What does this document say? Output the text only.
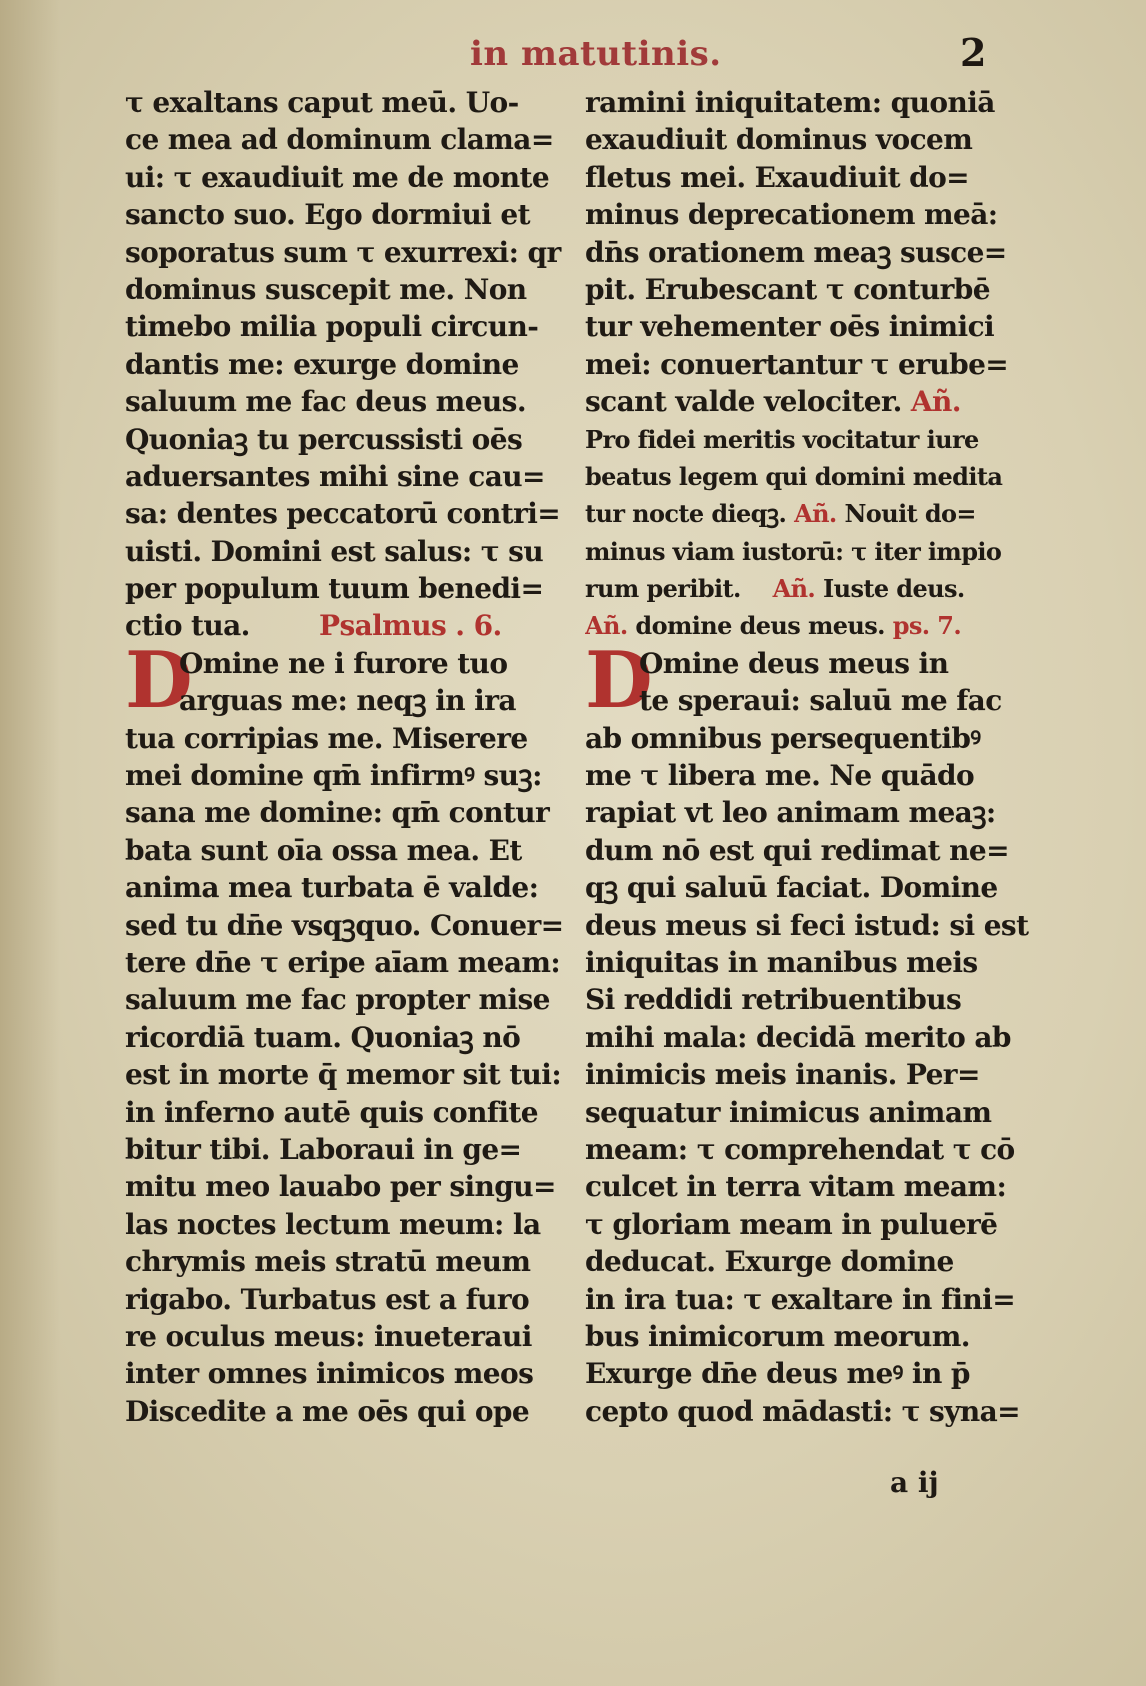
in matutinis.	2
τ exaltans caput meū. Uo-
ce mea ad dominum clama=
ui: τ exaudiuit me de monte
sancto suo. Ego dormiui et
soporatus sum τ exurrexi: qr
dominus suscepit me. Non
timebo milia populi circun-
dantis me: exurge domine
saluum me fac deus meus.
Quoniaꝫ tu percussisti oēs
aduersantes mihi sine cau=
sa: dentes peccatorū contri=
uisti. Domini est salus: τ su
per populum tuum benedi=
ctio tua. Psalmus . 6.
D
Omine ne i furore tuo
arguas me: neqꝫ in ira
tua corripias me. Miserere
mei domine qm̄ infirmꝰ suꝫ:
sana me domine: qm̄ contur
bata sunt oīa ossa mea. Et
anima mea turbata ē valde:
sed tu dn̄e vsqꝫquo. Conuer=
tere dn̄e τ eripe aīam meam:
saluum me fac propter mise
ricordiā tuam. Quoniaꝫ nō
est in morte q̄ memor sit tui:
in inferno autē quis confite
bitur tibi. Laboraui in ge=
mitu meo lauabo per singu=
las noctes lectum meum: la
chrymis meis stratū meum
rigabo. Turbatus est a furo
re oculus meus: inueteraui
inter omnes inimicos meos
Discedite a me oēs qui ope
ramini iniquitatem: quoniā
exaudiuit dominus vocem
fletus mei. Exaudiuit do=
minus deprecationem meā:
dn̄s orationem meaꝫ susce=
pit. Erubescant τ conturbē
tur vehementer oēs inimici
mei: conuertantur τ erube=
scant valde velociter. Añ.
Pro fidei meritis vocitatur iure
beatus legem qui domini medita
tur nocte dieqꝫ. Añ. Nouit do=
minus viam iustorū: τ iter impio
rum peribit. Añ. Iuste deus.
Añ. domine deus meus. ps. 7.
D
Omine deus meus in
te speraui: saluū me fac
ab omnibus persequentibꝰ
me τ libera me. Ne quādo
rapiat vt leo animam meaꝫ:
dum nō est qui redimat ne=
qꝫ qui saluū faciat. Domine
deus meus si feci istud: si est
iniquitas in manibus meis
Si reddidi retribuentibus
mihi mala: decidā merito ab
inimicis meis inanis. Per=
sequatur inimicus animam
meam: τ comprehendat τ cō
culcet in terra vitam meam:
τ gloriam meam in puluerē
deducat. Exurge domine
in ira tua: τ exaltare in fini=
bus inimicorum meorum.
Exurge dn̄e deus meꝰ in p̄
cepto quod mādasti: τ syna=
a ij
